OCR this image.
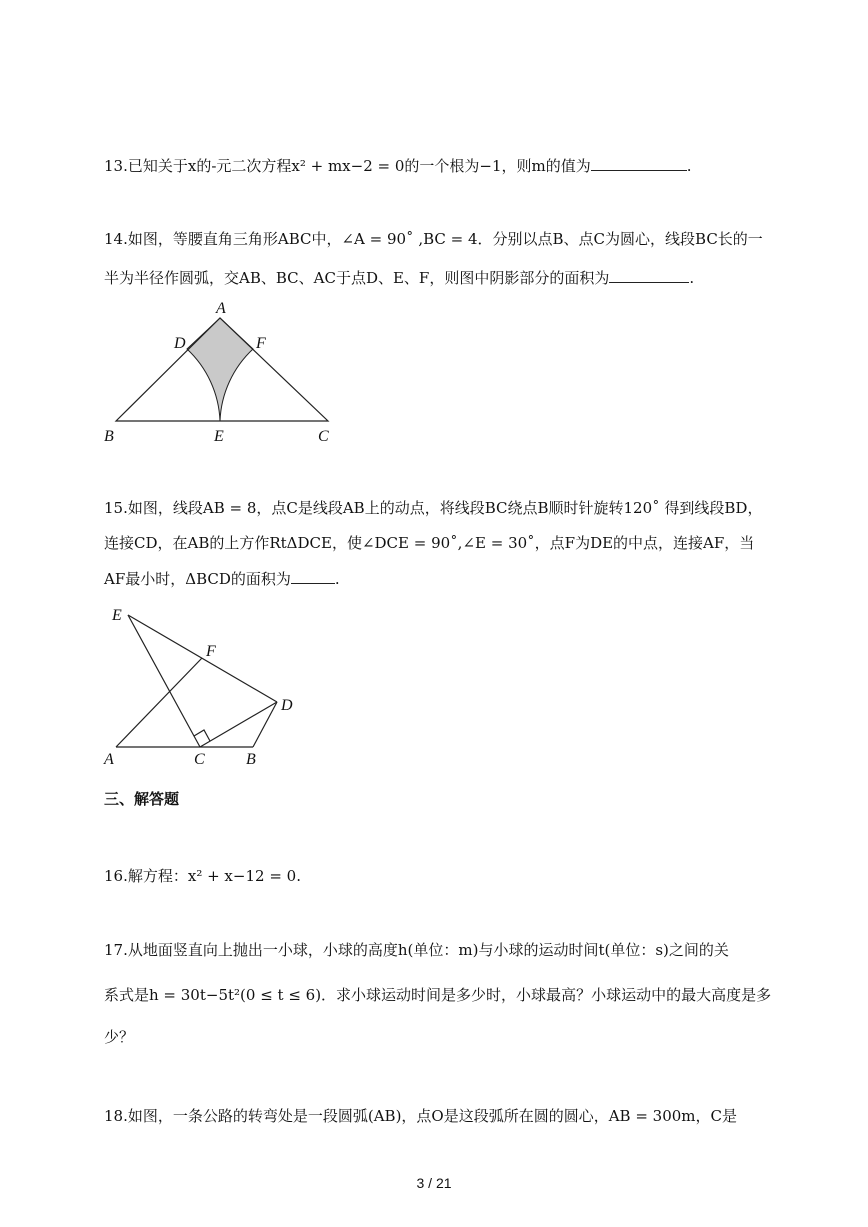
13.已知关于x的-元二次方程x² + mx−2 = 0的一个根为−1，则m的值为	.
14.如图，等腰直角三角形ABC中，∠A = 90˚ ,BC = 4．分别以点B、点C为圆心，线段BC长的一
半为半径作圆弧，交AB、BC、AC于点D、E、F，则图中阴影部分的面积为	.
A
B	C
D
E
F
15.如图，线段AB = 8，点C是线段AB上的动点，将线段BC绕点B顺时针旋转120˚ 得到线段BD，
连接CD，在AB的上方作RtΔDCE，使∠DCE = 90˚,∠E = 30˚，点F为DE的中点，连接AF，当
AF最小时，ΔBCD的面积为	.
E
F
D
A	C	B
三、解答题
16.解方程：x² + x−12 = 0.
17.从地面竖直向上抛出一小球，小球的高度h(单位：m)与小球的运动时间t(单位：s)之间的关
系式是h = 30t−5t²(0 ≤ t ≤ 6)．求小球运动时间是多少时，小球最高？小球运动中的最大高度是多
少？
18.如图，一条公路的转弯处是一段圆弧(AB)，点O是这段弧所在圆的圆心，AB = 300m，C是
3 / 21
